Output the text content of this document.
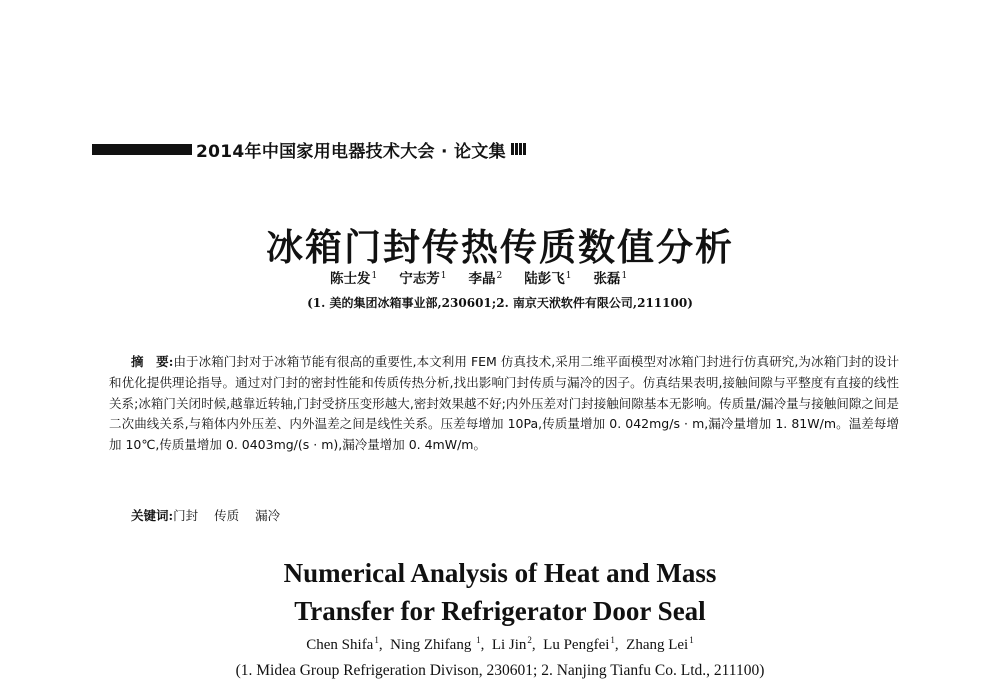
2014年中国家用电器技术大会 · 论文集
冰箱门封传热传质数值分析
陈士发$^1$ 宁志芳$^1$ 李晶$^2$ 陆彭飞$^1$ 张磊$^1$
(1. 美的集团冰箱事业部,230601;2. 南京天洑软件有限公司,211100)
摘　要:由于冰箱门封对于冰箱节能有很高的重要性,本文利用 FEM 仿真技术,采用二维平面模型对冰箱门封进行仿真研究,为冰箱门封的设计和优化提供理论指导。通过对门封的密封性能和传质传热分析,找出影响门封传质与漏冷的因子。仿真结果表明,接触间隙与平整度有直接的线性关系;冰箱门关闭时候,越靠近转轴,门封受挤压变形越大,密封效果越不好;内外压差对门封接触间隙基本无影响。传质量/漏冷量与接触间隙之间是二次曲线关系,与箱体内外压差、内外温差之间是线性关系。压差每增加 10Pa,传质量增加 0. 042mg/s · m,漏冷量增加 1. 81W/m。温差每增加 10℃,传质量增加 0. 0403mg/(s · m),漏冷量增加 0. 4mW/m。
关键词:门封 传质 漏冷
Numerical Analysis of Heat and Mass
Transfer for Refrigerator Door Seal
Chen Shifa$^1$,  Ning Zhifang $^1$,  Li Jin$^2$,  Lu Pengfei$^1$,  Zhang Lei$^1$
(1. Midea Group Refrigeration Divison, 230601; 2. Nanjing Tianfu Co. Ltd., 211100)
